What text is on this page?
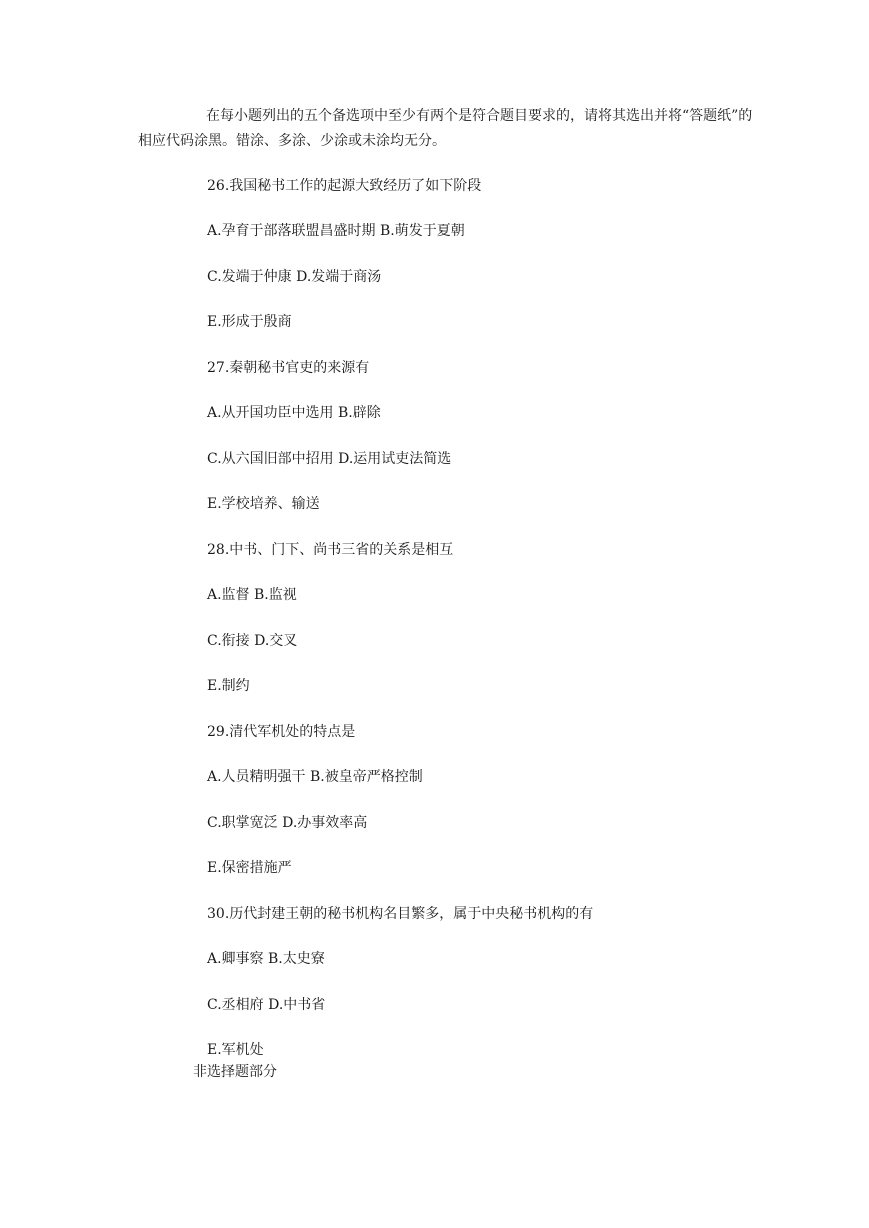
在每小题列出的五个备选项中至少有两个是符合题目要求的，请将其选出并将“答题纸”的相应代码涂黑。错涂、多涂、少涂或未涂均无分。
26.我国秘书工作的起源大致经历了如下阶段
A.孕育于部落联盟昌盛时期 B.萌发于夏朝
C.发端于仲康 D.发端于商汤
E.形成于殷商
27.秦朝秘书官吏的来源有
A.从开国功臣中选用 B.辟除
C.从六国旧部中招用 D.运用试吏法简选
E.学校培养、输送
28.中书、门下、尚书三省的关系是相互
A.监督 B.监视
C.衔接 D.交叉
E.制约
29.清代军机处的特点是
A.人员精明强干 B.被皇帝严格控制
C.职掌宽泛 D.办事效率高
E.保密措施严
30.历代封建王朝的秘书机构名目繁多，属于中央秘书机构的有
A.卿事察 B.太史寮
C.丞相府 D.中书省
E.军机处
非选择题部分
